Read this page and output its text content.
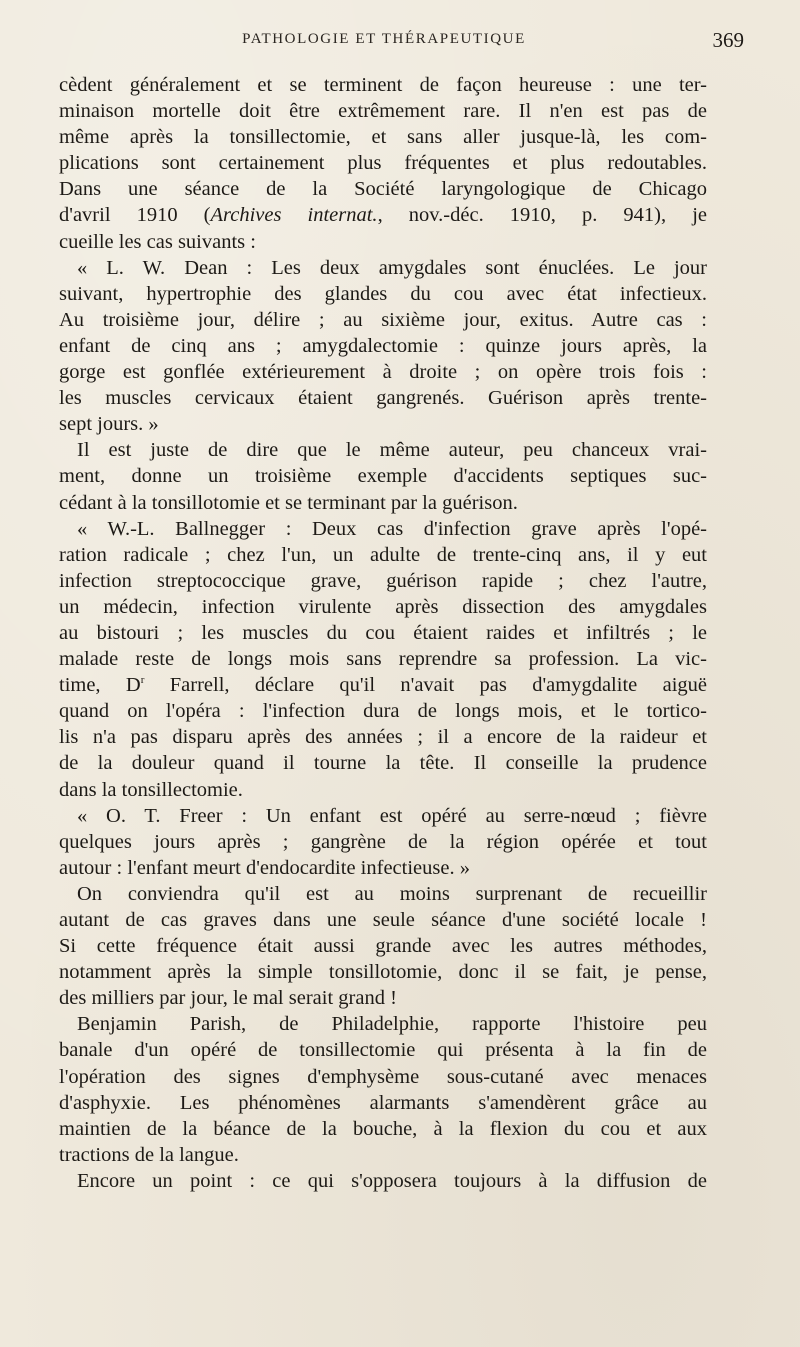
PATHOLOGIE ET THÉRAPEUTIQUE	369
cèdent généralement et se terminent de façon heureuse : une ter-
minaison mortelle doit être extrêmement rare. Il n'en est pas de
même après la tonsillectomie, et sans aller jusque-là, les com-
plications sont certainement plus fréquentes et plus redoutables.
Dans une séance de la Société laryngologique de Chicago
d'avril 1910 (Archives internat., nov.-déc. 1910, p. 941), je
cueille les cas suivants :
« L. W. Dean : Les deux amygdales sont énuclées. Le jour
suivant, hypertrophie des glandes du cou avec état infectieux.
Au troisième jour, délire ; au sixième jour, exitus. Autre cas :
enfant de cinq ans ; amygdalectomie : quinze jours après, la
gorge est gonflée extérieurement à droite ; on opère trois fois :
les muscles cervicaux étaient gangrenés. Guérison après trente-
sept jours. »
Il est juste de dire que le même auteur, peu chanceux vrai-
ment, donne un troisième exemple d'accidents septiques suc-
cédant à la tonsillotomie et se terminant par la guérison.
« W.-L. Ballnegger : Deux cas d'infection grave après l'opé-
ration radicale ; chez l'un, un adulte de trente-cinq ans, il y eut
infection streptococcique grave, guérison rapide ; chez l'autre,
un médecin, infection virulente après dissection des amygdales
au bistouri ; les muscles du cou étaient raides et infiltrés ; le
malade reste de longs mois sans reprendre sa profession. La vic-
time, $D^r$ Farrell, déclare qu'il n'avait pas d'amygdalite aiguë
quand on l'opéra : l'infection dura de longs mois, et le tortico-
lis n'a pas disparu après des années ; il a encore de la raideur et
de la douleur quand il tourne la tête. Il conseille la prudence
dans la tonsillectomie.
« O. T. Freer : Un enfant est opéré au serre-nœud ; fièvre
quelques jours après ; gangrène de la région opérée et tout
autour : l'enfant meurt d'endocardite infectieuse. »
On conviendra qu'il est au moins surprenant de recueillir
autant de cas graves dans une seule séance d'une société locale !
Si cette fréquence était aussi grande avec les autres méthodes,
notamment après la simple tonsillotomie, donc il se fait, je pense,
des milliers par jour, le mal serait grand !
Benjamin Parish, de Philadelphie, rapporte l'histoire peu
banale d'un opéré de tonsillectomie qui présenta à la fin de
l'opération des signes d'emphysème sous-cutané avec menaces
d'asphyxie. Les phénomènes alarmants s'amendèrent grâce au
maintien de la béance de la bouche, à la flexion du cou et aux
tractions de la langue.
Encore un point : ce qui s'opposera toujours à la diffusion de
